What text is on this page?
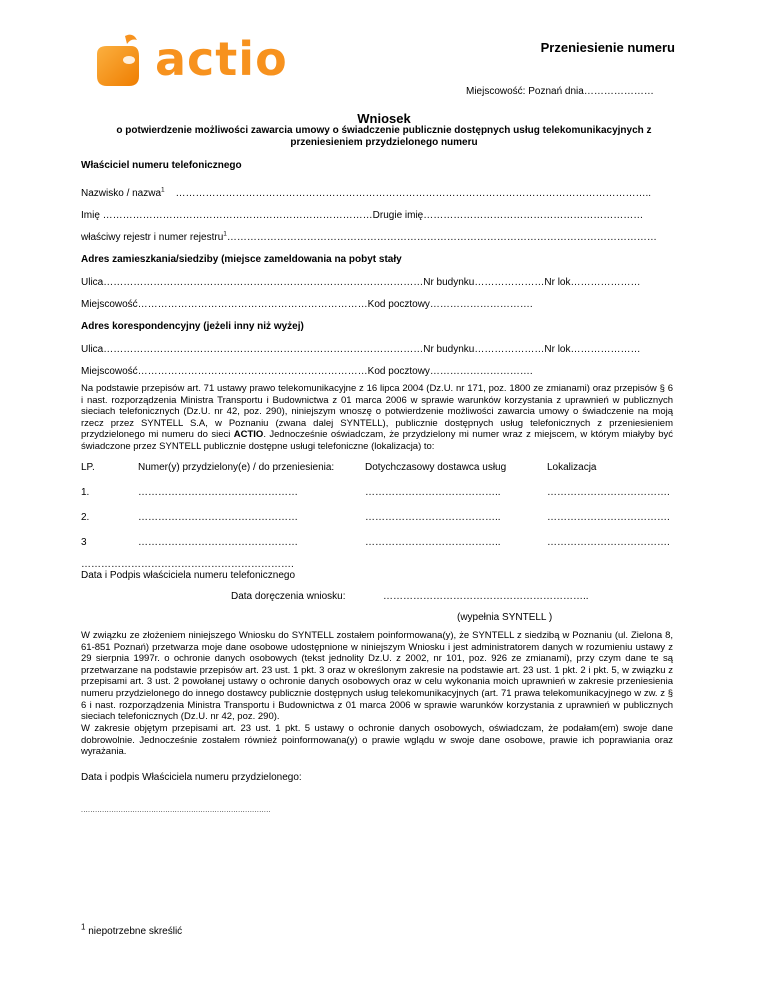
actio	Przeniesienie numeru
Miejscowość: Poznań dnia…………………
Wniosek
o potwierdzenie możliwości zawarcia umowy o świadczenie publicznie dostępnych usług telekomunikacyjnych z
przeniesieniem przydzielonego numeru
Właściciel numeru telefonicznego
Nazwisko / nazwa$^1$ ……………………………………………………………………………………………………………………………..
Imię ………………………………………………………………………Drugie imię…………………………………………………………
właściwy rejestr i numer rejestru$^1$…………………………………………………………………………………………………………………
Adres zamieszkania/siedziby (miejsce zameldowania na pobyt stały
Ulica……………………………………………………………………………………Nr budynku…………………Nr lok…………………
Miejscowość……………………………………………………………Kod pocztowy………………………….
Adres korespondencyjny (jeżeli inny niż wyżej)
Ulica……………………………………………………………………………………Nr budynku…………………Nr lok…………………
Miejscowość……………………………………………………………Kod pocztowy………………………….
Na podstawie przepisów art. 71 ustawy prawo telekomunikacyjne z 16 lipca 2004 (Dz.U. nr 171, poz. 1800 ze zmianami) oraz przepisów § 6 i nast. rozporządzenia Ministra Transportu i Budownictwa z 01 marca 2006 w sprawie warunków korzystania z uprawnień w publicznych sieciach telefonicznych (Dz.U. nr 42, poz. 290), niniejszym wnoszę o potwierdzenie możliwości zawarcia umowy o świadczenie na moją rzecz przez SYNTELL S.A, w Poznaniu (zwana dalej SYNTELL), publicznie dostępnych usług telefonicznych z przeniesieniem przydzielonego mi numeru do sieci ACTIO. Jednocześnie oświadczam, że przydzielony mi numer wraz z miejscem, w którym miałyby być świadczone przez SYNTELL publicznie dostępne usługi telefoniczne (lokalizacja) to:
LP.	Numer(y) przydzielony(e) / do przeniesienia:	Dotychczasowy dostawca usług	Lokalizacja
1.	…………………………………………	…………………………………..	……………………………….
2.	…………………………………………	…………………………………..	……………………………….
3	…………………………………………	…………………………………..	……………………………….
……………………………………………………….
Data i Podpis właściciela numeru telefonicznego
Data doręczenia wniosku:	……………………………………………………..
(wypełnia SYNTELL )
W związku ze złożeniem niniejszego Wniosku do SYNTELL zostałem poinformowana(y), że SYNTELL z siedzibą w Poznaniu (ul. Zielona 8, 61-851 Poznań) przetwarza moje dane osobowe udostępnione w niniejszym Wniosku i jest administratorem danych w rozumieniu ustawy z 29 sierpnia 1997r. o ochronie danych osobowych (tekst jednolity Dz.U. z 2002, nr 101, poz. 926 ze zmianami), przy czym dane te są przetwarzane na podstawie przepisów art. 23 ust. 1 pkt. 3 oraz w określonym zakresie na podstawie art. 23 ust. 1 pkt. 2 i pkt. 5, w związku z przepisami art. 3 ust. 2 powołanej ustawy o ochronie danych osobowych oraz w celu wykonania moich uprawnień w zakresie przeniesienia numeru przydzielonego do innego dostawcy publicznie dostępnych usług telekomunikacyjnych (art. 71 prawa telekomunikacyjnego w zw. z § 6 i nast. rozporządzenia Ministra Transportu i Budownictwa z 01 marca 2006 w sprawie warunków korzystania z uprawnień w publicznych sieciach telefonicznych (Dz.U. nr 42, poz. 290).
W zakresie objętym przepisami art. 23 ust. 1 pkt. 5 ustawy o ochronie danych osobowych, oświadczam, że podałam(em) swoje dane dobrowolnie. Jednocześnie zostałem również poinformowana(y) o prawie wglądu w swoje dane osobowe, prawie ich poprawiania oraz wyrażania.
Data i podpis Właściciela numeru przydzielonego:
.................................................................................
$^1$ niepotrzebne skreślić
